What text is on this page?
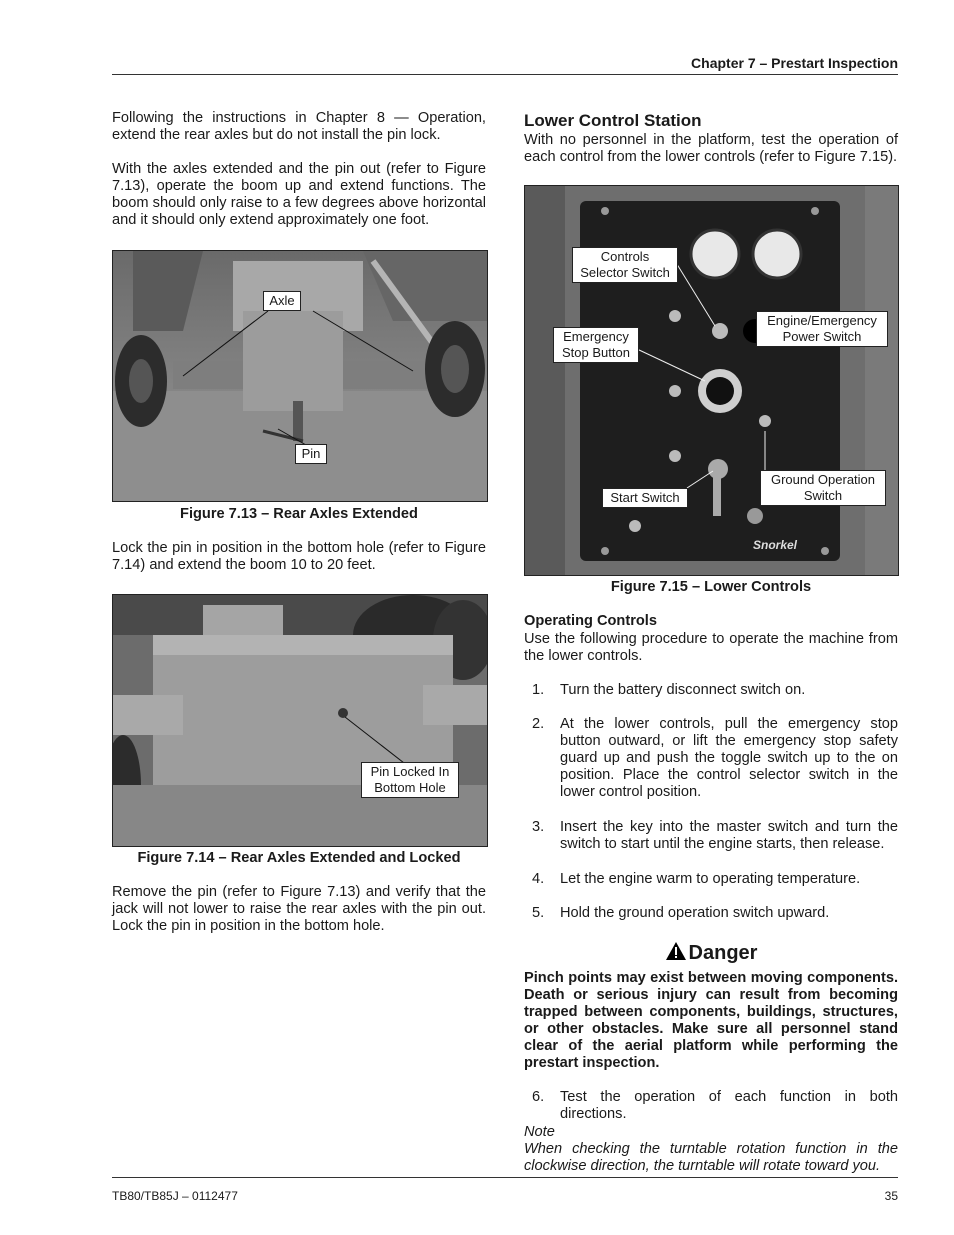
Chapter 7 – Prestart Inspection

Following the instructions in Chapter 8 — Operation, extend the rear axles but do not install the pin lock.

With the axles extended and the pin out (refer to Figure 7.13), operate the boom up and extend functions. The boom should only raise to a few degrees above horizontal and it should only extend approximately one foot.

Axle
Pin
Figure 7.13 – Rear Axles Extended

Lock the pin in position in the bottom hole (refer to Figure 7.14) and extend the boom 10 to 20 feet.

Pin Locked In
Bottom Hole
Figure 7.14 – Rear Axles Extended and Locked

Remove the pin (refer to Figure 7.13) and verify that the jack will not lower to raise the rear axles with the pin out. Lock the pin in position in the bottom hole.

Lower Control Station

With no personnel in the platform, test the operation of each control from the lower controls (refer to Figure 7.15).

Snorkel
Controls
Selector Switch
Emergency
Stop Button
Engine/Emergency
Power Switch
Ground Operation
Switch
Start Switch
Figure 7.15 – Lower Controls
Operating Controls

Use the following procedure to operate the machine from the lower controls.

1. Turn the battery disconnect switch on.
2. At the lower controls, pull the emergency stop button outward, or lift the emergency stop safety guard up and push the toggle switch up to the on position. Place the control selector switch in the lower control position.
3. Insert the key into the master switch and turn the switch to start until the engine starts, then release.
4. Let the engine warm to operating temperature.
5. Hold the ground operation switch upward.
Danger
Pinch points may exist between moving components. Death or serious injury can result from becoming trapped between components, buildings, structures, or other obstacles. Make sure all personnel stand clear of the aerial platform while performing the prestart inspection.
6. Test the operation of each function in both directions.
Note
When checking the turntable rotation function in the clockwise direction, the turntable will rotate toward you.
TB80/TB85J – 0112477	35
